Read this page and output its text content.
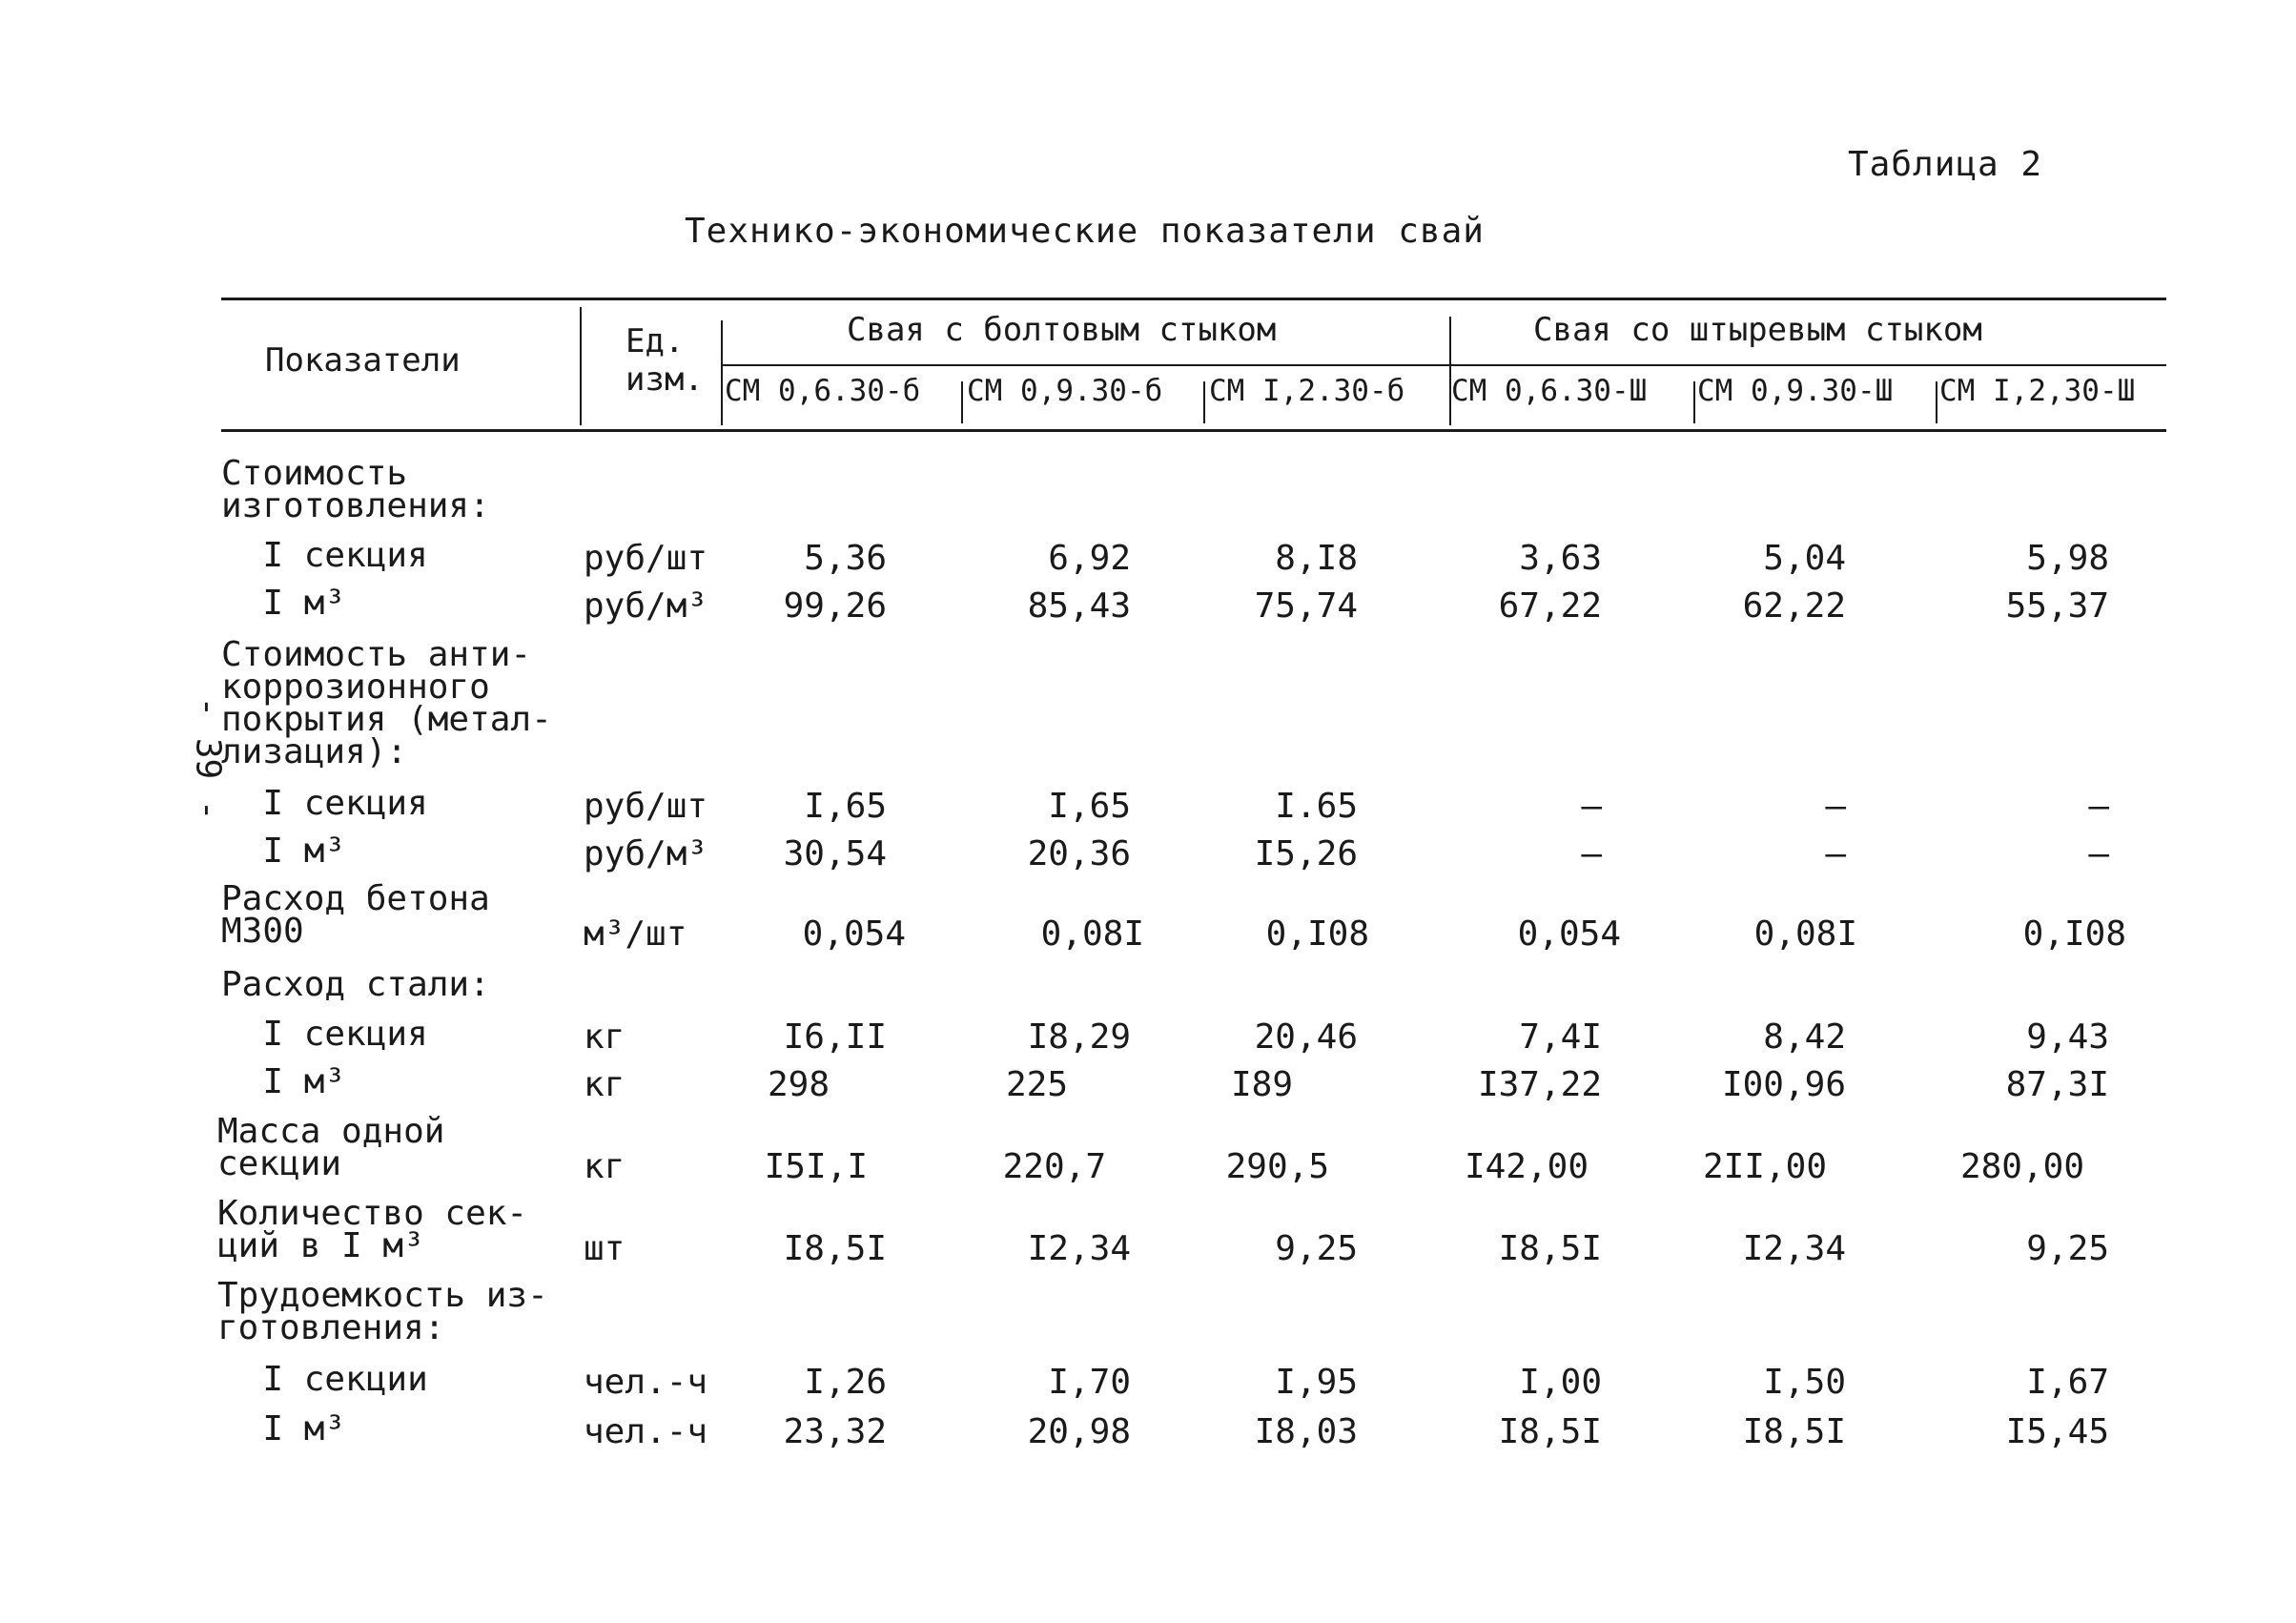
Таблица 2
Технико-экономические показатели свай
- 39 -
Показатели	Ед.
изм.
Свая с болтовым стыком	Свая со штыревым стыком
СМ 0,6.30-б СМ 0,9.30-б СМ I,2.30-б СМ 0,6.30-Ш СМ 0,9.30-Ш СМ I,2,30-Ш
Стоимость
изготовления:
I секция	руб/шт	5,36	6,92	8,I8	3,63	5,04	5,98
I м³	руб/м³	99,26	85,43	75,74	67,22	62,22	55,37
Стоимость анти-
коррозионного
покрытия (метал-
лизация):
I секция	руб/шт	I,65	I,65	I.65	–	–	–
I м³	руб/м³	30,54	20,36	I5,26	–	–	–
Расход бетона
М300	м³/шт	0,054	0,08I	0,I08	0,054	0,08I	0,I08
Расход стали:
I секция	кг	I6,II	I8,29	20,46	7,4I	8,42	9,43
I м³	кг	298	225	I89	I37,22	I00,96	87,3I
Масса одной
секции	кг	I5I,I	220,7	290,5	I42,00	2II,00	280,00
Количество сек-
ций в I м³	шт	I8,5I	I2,34	9,25	I8,5I	I2,34	9,25
Трудоемкость из-
готовления:
I секции	чел.-ч	I,26	I,70	I,95	I,00	I,50	I,67
I м³	чел.-ч	23,32	20,98	I8,03	I8,5I	I8,5I	I5,45
